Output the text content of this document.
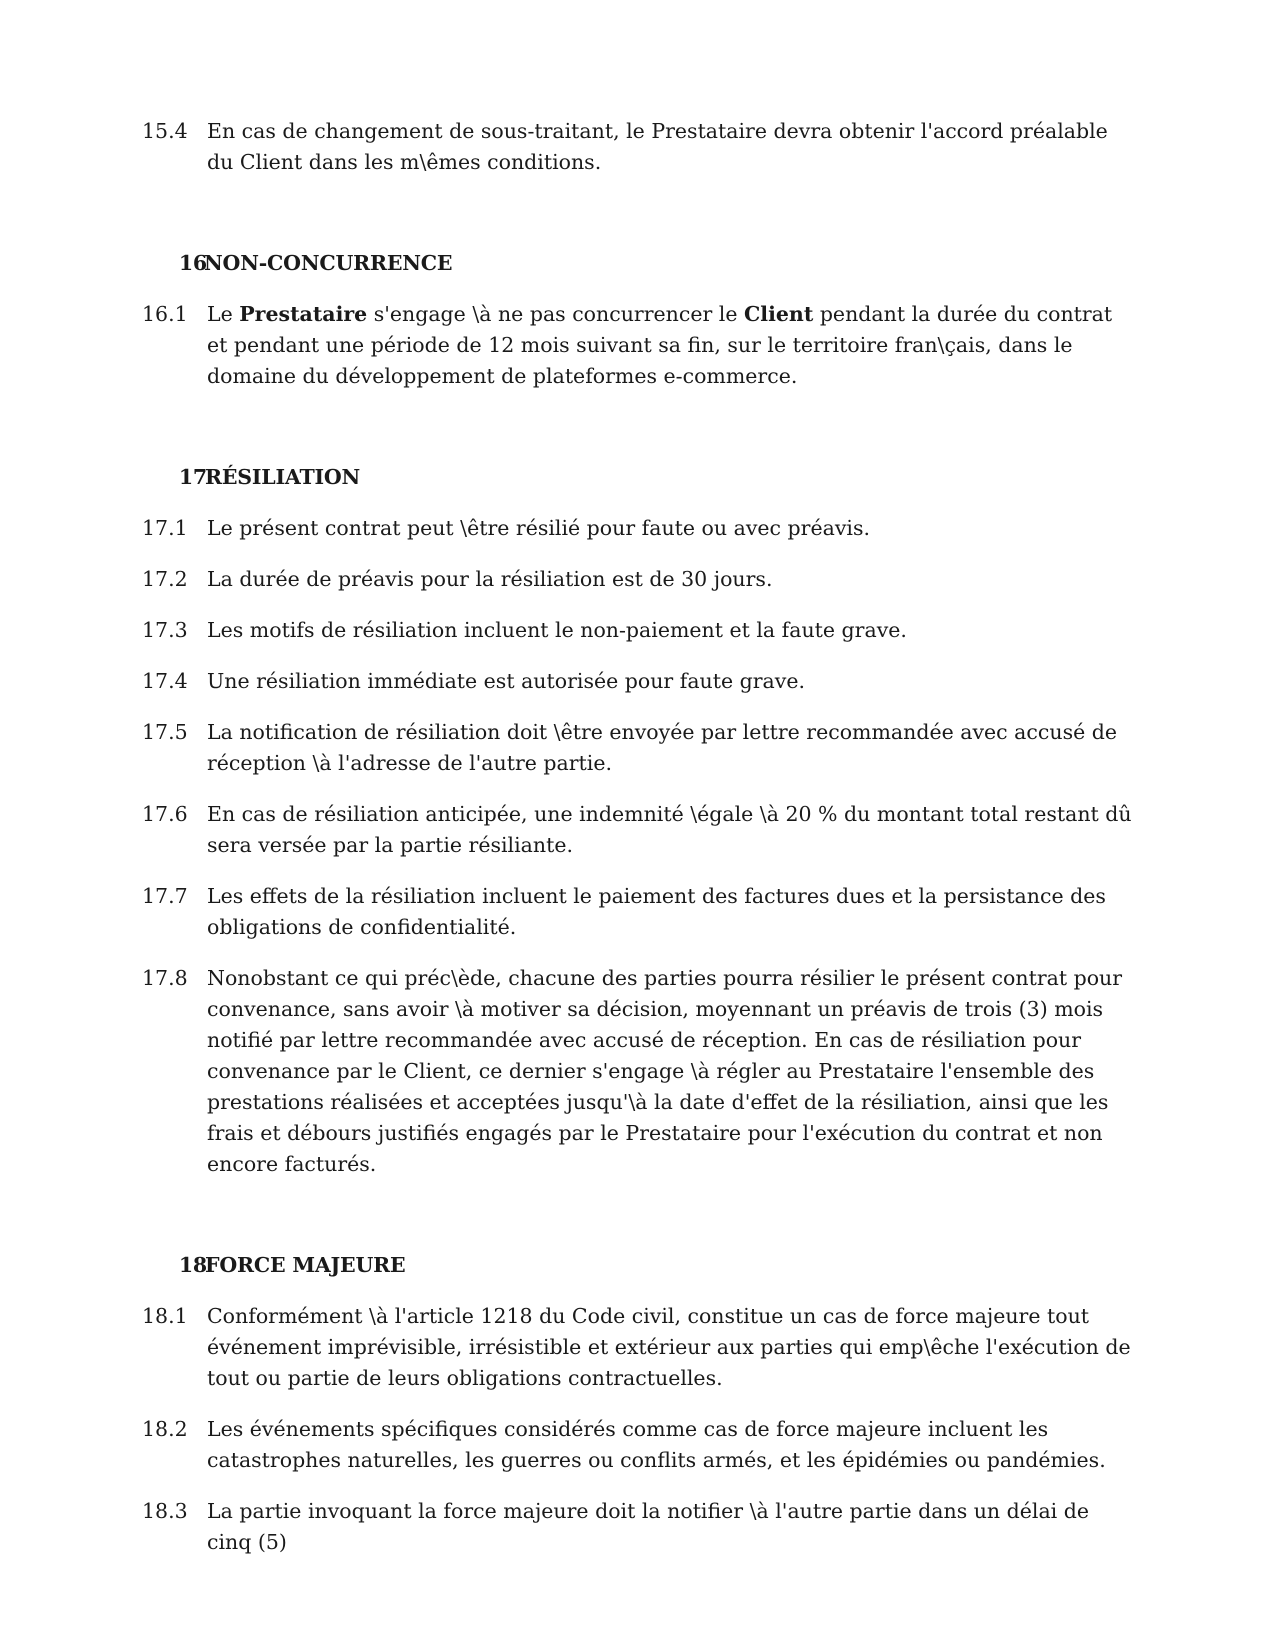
15.4 En cas de changement de sous-traitant, le Prestataire devra obtenir l'accord préalable du Client dans les m\êmes conditions.
16
NON-CONCURRENCE
16.1 Le Prestataire s'engage \à ne pas concurrencer le Client pendant la durée du contrat et pendant une période de 12 mois suivant sa fin, sur le territoire fran\çais, dans le domaine du développement de plateformes e-commerce.
17
RÉSILIATION
17.1 Le présent contrat peut \être résilié pour faute ou avec préavis.
17.2 La durée de préavis pour la résiliation est de 30 jours.
17.3 Les motifs de résiliation incluent le non-paiement et la faute grave.
17.4 Une résiliation immédiate est autorisée pour faute grave.
17.5 La notification de résiliation doit \être envoyée par lettre recommandée avec accusé de réception \à l'adresse de l'autre partie.
17.6 En cas de résiliation anticipée, une indemnité \égale \à 20 % du montant total restant dû sera versée par la partie résiliante.
17.7 Les effets de la résiliation incluent le paiement des factures dues et la persistance des obligations de confidentialité.
17.8 Nonobstant ce qui préc\ède, chacune des parties pourra résilier le présent contrat pour convenance, sans avoir \à motiver sa décision, moyennant un préavis de trois (3) mois notifié par lettre recommandée avec accusé de réception. En cas de résiliation pour convenance par le Client, ce dernier s'engage \à régler au Prestataire l'ensemble des prestations réalisées et acceptées jusqu'\à la date d'effet de la résiliation, ainsi que les frais et débours justifiés engagés par le Prestataire pour l'exécution du contrat et non encore facturés.
18
FORCE MAJEURE
18.1 Conformément \à l'article 1218 du Code civil, constitue un cas de force majeure tout événement imprévisible, irrésistible et extérieur aux parties qui emp\êche l'exécution de tout ou partie de leurs obligations contractuelles.
18.2 Les événements spécifiques considérés comme cas de force majeure incluent les catastrophes naturelles, les guerres ou conflits armés, et les épidémies ou pandémies.
18.3 La partie invoquant la force majeure doit la notifier \à l'autre partie dans un délai de cinq (5)
